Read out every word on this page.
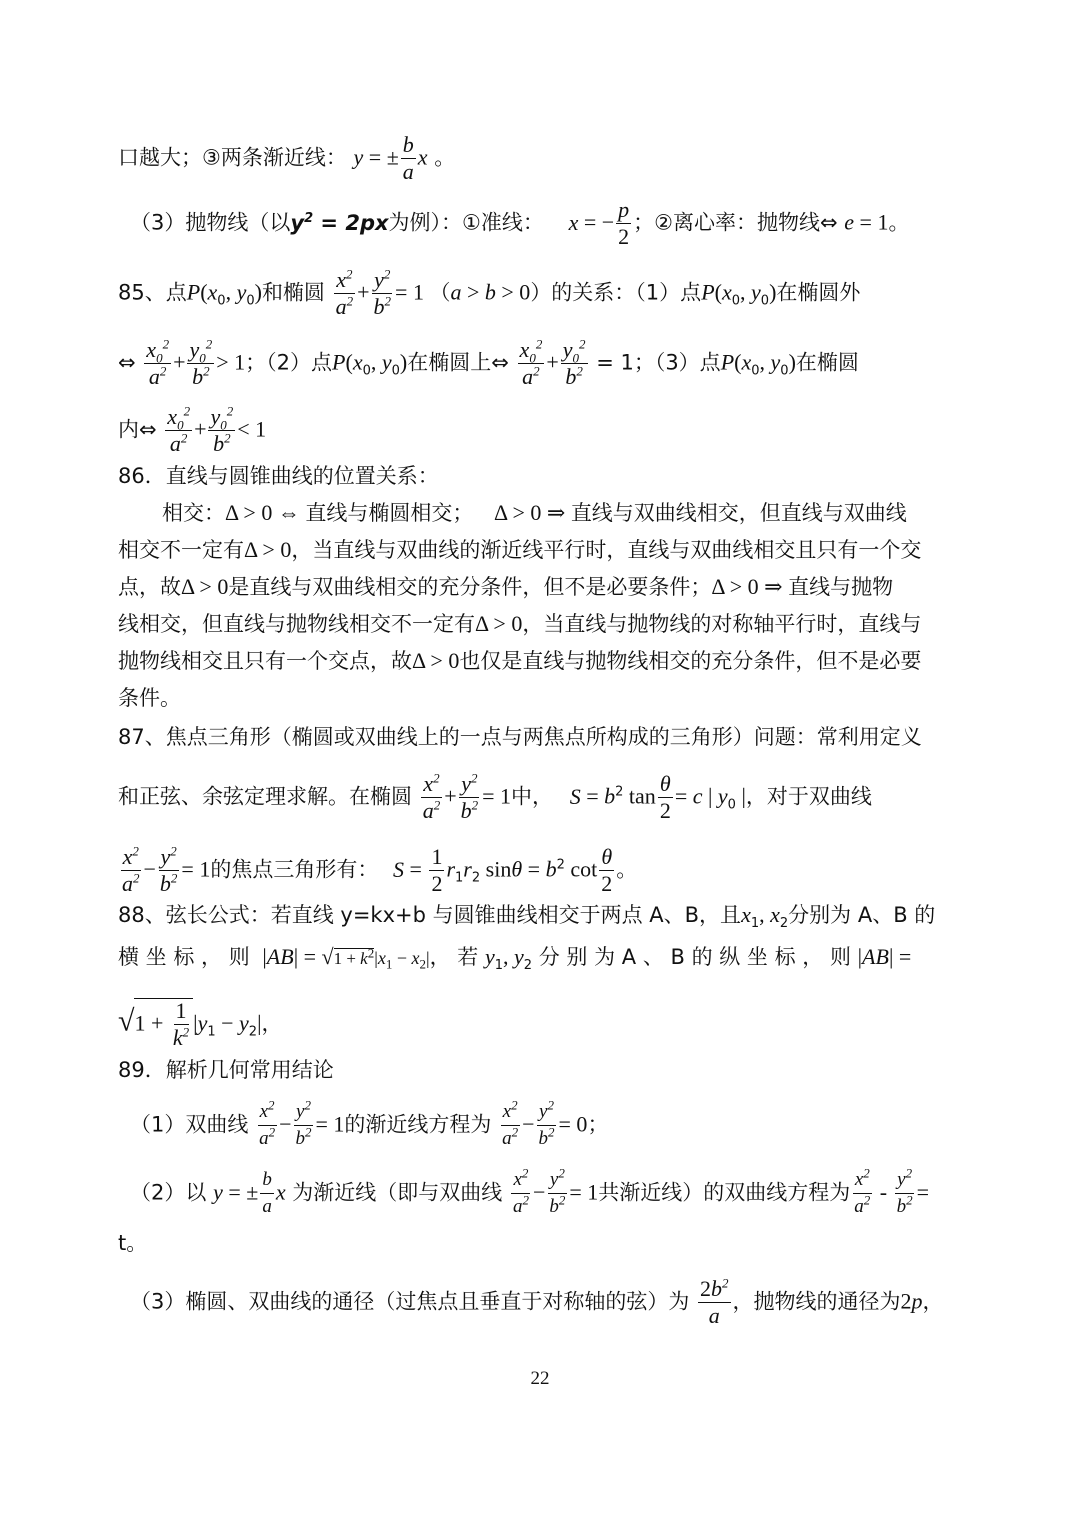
口越大；③两条渐近线： y = ± $\frac{b}{a}$ x 。
（3）抛物线（以$y^2 = 2px$为例）：①准线： x = − $\frac{p}{2}$ ；②离心率：抛物线⇔ e = 1。
85、点$P(x_0$, $y_0$)和椭圆 $\frac{x^2}{a^2} + \frac{y^2}{b^2} = 1$ （a > b > 0）的关系：（1）点$P(x_0$, $y_0$)在椭圆外
⇔ $\frac{x_0^2}{a^2} + \frac{y_0^2}{b^2} > 1$；（2）点$P(x_0$, $y_0$)在椭圆上⇔ $\frac{x_0^2}{a^2} + \frac{y_0^2}{b^2} = 1$；（3）点$P(x_0$, $y_0$)在椭圆
内⇔ $\frac{x_0^2}{a^2} + \frac{y_0^2}{b^2} < 1$
86．直线与圆锥曲线的位置关系：
相交：Δ > 0 ⇔ 直线与椭圆相交； Δ > 0 ⇒ 直线与双曲线相交，但直线与双曲线
相交不一定有Δ > 0，当直线与双曲线的渐近线平行时，直线与双曲线相交且只有一个交
点，故Δ > 0是直线与双曲线相交的充分条件，但不是必要条件；Δ > 0 ⇒ 直线与抛物
线相交，但直线与抛物线相交不一定有Δ > 0，当直线与抛物线的对称轴平行时，直线与
抛物线相交且只有一个交点，故Δ > 0也仅是直线与抛物线相交的充分条件，但不是必要
条件。
87、焦点三角形（椭圆或双曲线上的一点与两焦点所构成的三角形）问题：常利用定义
和正弦、余弦定理求解。在椭圆 $\frac{x^2}{a^2} + \frac{y^2}{b^2} = 1$中， $S = b^2$ $\tan \frac{\theta}{2} = c$ | $y_0$ |，对于双曲线
$\frac{x^2}{a^2} - \frac{y^2}{b^2} = 1$的焦点三角形有： $S = \frac{1}{2} r_1r_2$ $\sin\theta = b^2$ $\cot \frac{\theta}{2}$ 。
88、弦长公式：若直线 y=kx+b 与圆锥曲线相交于两点 A、B，且$x_1$, $x_2$分别为 A、B 的
横 坐 标 ， 则 $|AB| = √1 + k^2|x_1 - x_2|$， 若 $y_1$, $y_2$ 分 别 为 A 、 B 的 纵 坐 标 ， 则 |AB| =
$√1 + \frac{1}{k^2} |y_1 - y_2|$，
89．解析几何常用结论
（1）双曲线 $\frac{x^2}{a^2} - \frac{y^2}{b^2} = 1$的渐近线方程为 $\frac{x^2}{a^2} - \frac{y^2}{b^2} = 0$；
（2）以 y = ± $\frac{b}{a}$ x 为渐近线（即与双曲线 $\frac{x^2}{a^2} - \frac{y^2}{b^2} = 1$共渐近线）的双曲线方程为 $\frac{x^2}{a^2} - \frac{y^2}{b^2}$ =
t。
（3）椭圆、双曲线的通径（过焦点且垂直于对称轴的弦）为 $\frac{2b^2}{a}$ ，抛物线的通径为2p，
22
